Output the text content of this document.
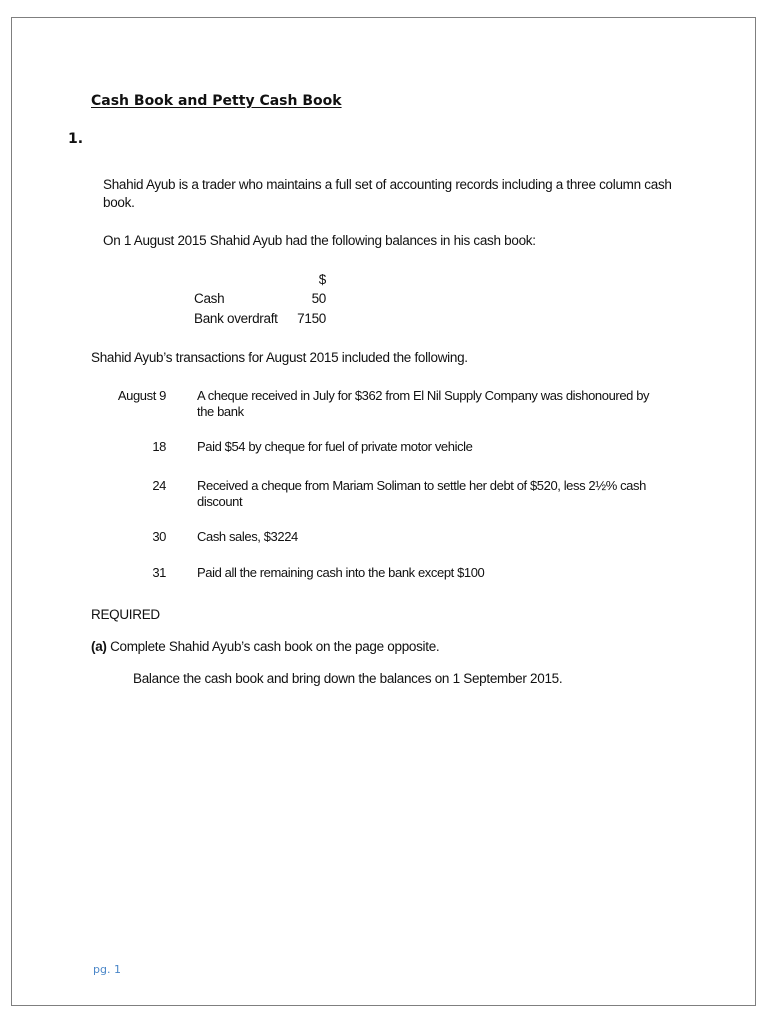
Cash Book and Petty Cash Book
1.
Shahid Ayub is a trader who maintains a full set of accounting records including a three column cash book.
On 1 August 2015 Shahid Ayub had the following balances in his cash book:
$
Cash	50
Bank overdraft	7150
Shahid Ayub’s transactions for August 2015 included the following.
August 9 A cheque received in July for $362 from El Nil Supply Company was dishonoured by the bank
18 Paid $54 by cheque for fuel of private motor vehicle
24 Received a cheque from Mariam Soliman to settle her debt of $520, less 2½% cash discount
30 Cash sales, $3224
31 Paid all the remaining cash into the bank except $100
REQUIRED
(a) Complete Shahid Ayub’s cash book on the page opposite.
Balance the cash book and bring down the balances on 1 September 2015.
pg. 1
